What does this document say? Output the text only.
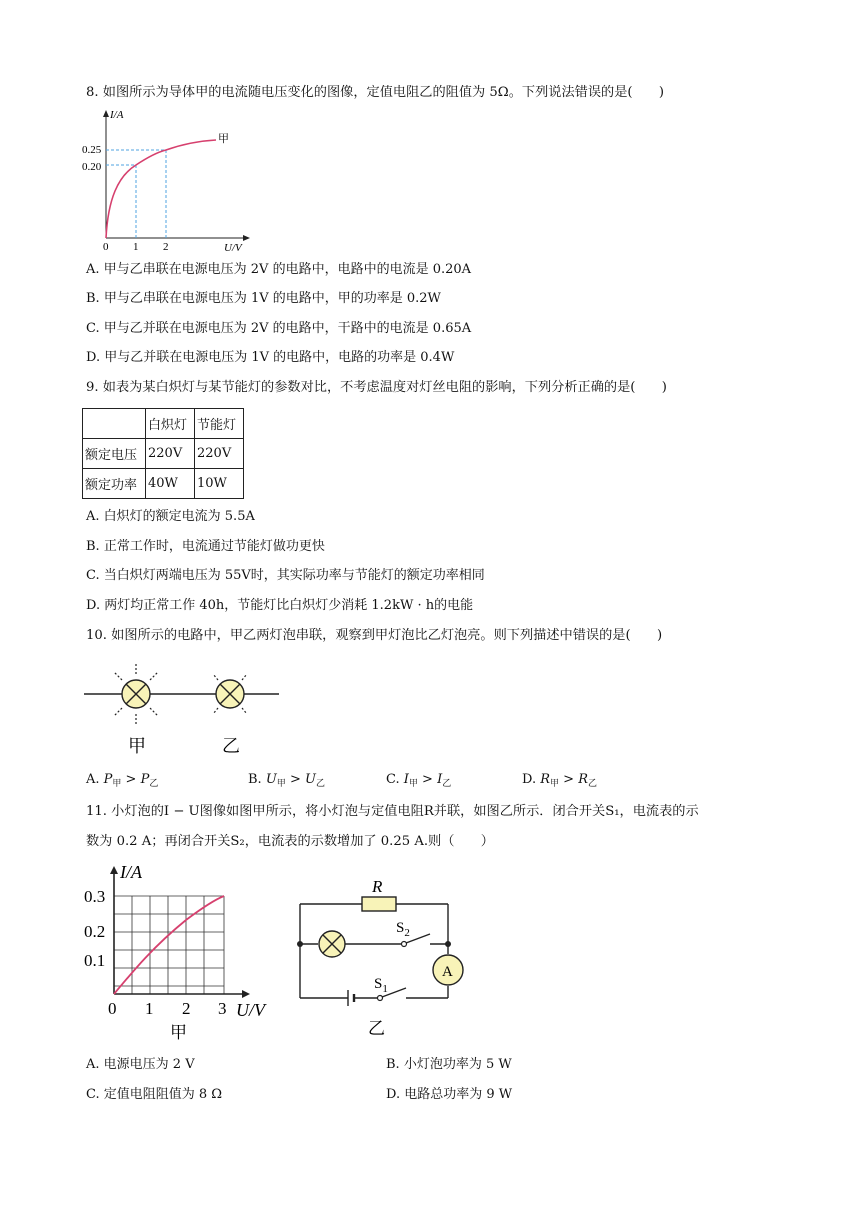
8. 如图所示为导体甲的电流随电压变化的图像，定值电阻乙的阻值为 5Ω。下列说法错误的是(　　)
甲
I/A
0.25
0.20
0 1 2	U/V
A. 甲与乙串联在电源电压为 2V 的电路中，电路中的电流是 0.20A
B. 甲与乙串联在电源电压为 1V 的电路中，甲的功率是 0.2W
C. 甲与乙并联在电源电压为 2V 的电路中，干路中的电流是 0.65A
D. 甲与乙并联在电源电压为 1V 的电路中，电路的功率是 0.4W
9. 如表为某白炽灯与某节能灯的参数对比，不考虑温度对灯丝电阻的影响，下列分析正确的是(　　)
	白炽灯	节能灯
额定电压	220V	220V
额定功率	40W	10W
A. 白炽灯的额定电流为 5.5A
B. 正常工作时，电流通过节能灯做功更快
C. 当白炽灯两端电压为 55V时，其实际功率与节能灯的额定功率相同
D. 两灯均正常工作 40h，节能灯比白炽灯少消耗 1.2kW · h的电能
10. 如图所示的电路中，甲乙两灯泡串联，观察到甲灯泡比乙灯泡亮。则下列描述中错误的是(　　)
甲	乙
A. $P_甲 > P_乙$	B. $U_甲 > U_乙$	C. $I_甲 > I_乙$	D. $R_甲 > R_乙$
11. 小灯泡的I − U图像如图甲所示，将小灯泡与定值电阻R并联，如图乙所示．闭合开关S₁，电流表的示
数为 0.2 A；再闭合开关S₂，电流表的示数增加了 0.25 A.则（　　）
I/A
0.3
0.2
0.1
0 1 2 3 U/V
甲
R
$S_2$
A
$S_1$
乙
A. 电源电压为 2 V	B. 小灯泡功率为 5 W
C. 定值电阻阻值为 8 Ω	D. 电路总功率为 9 W
